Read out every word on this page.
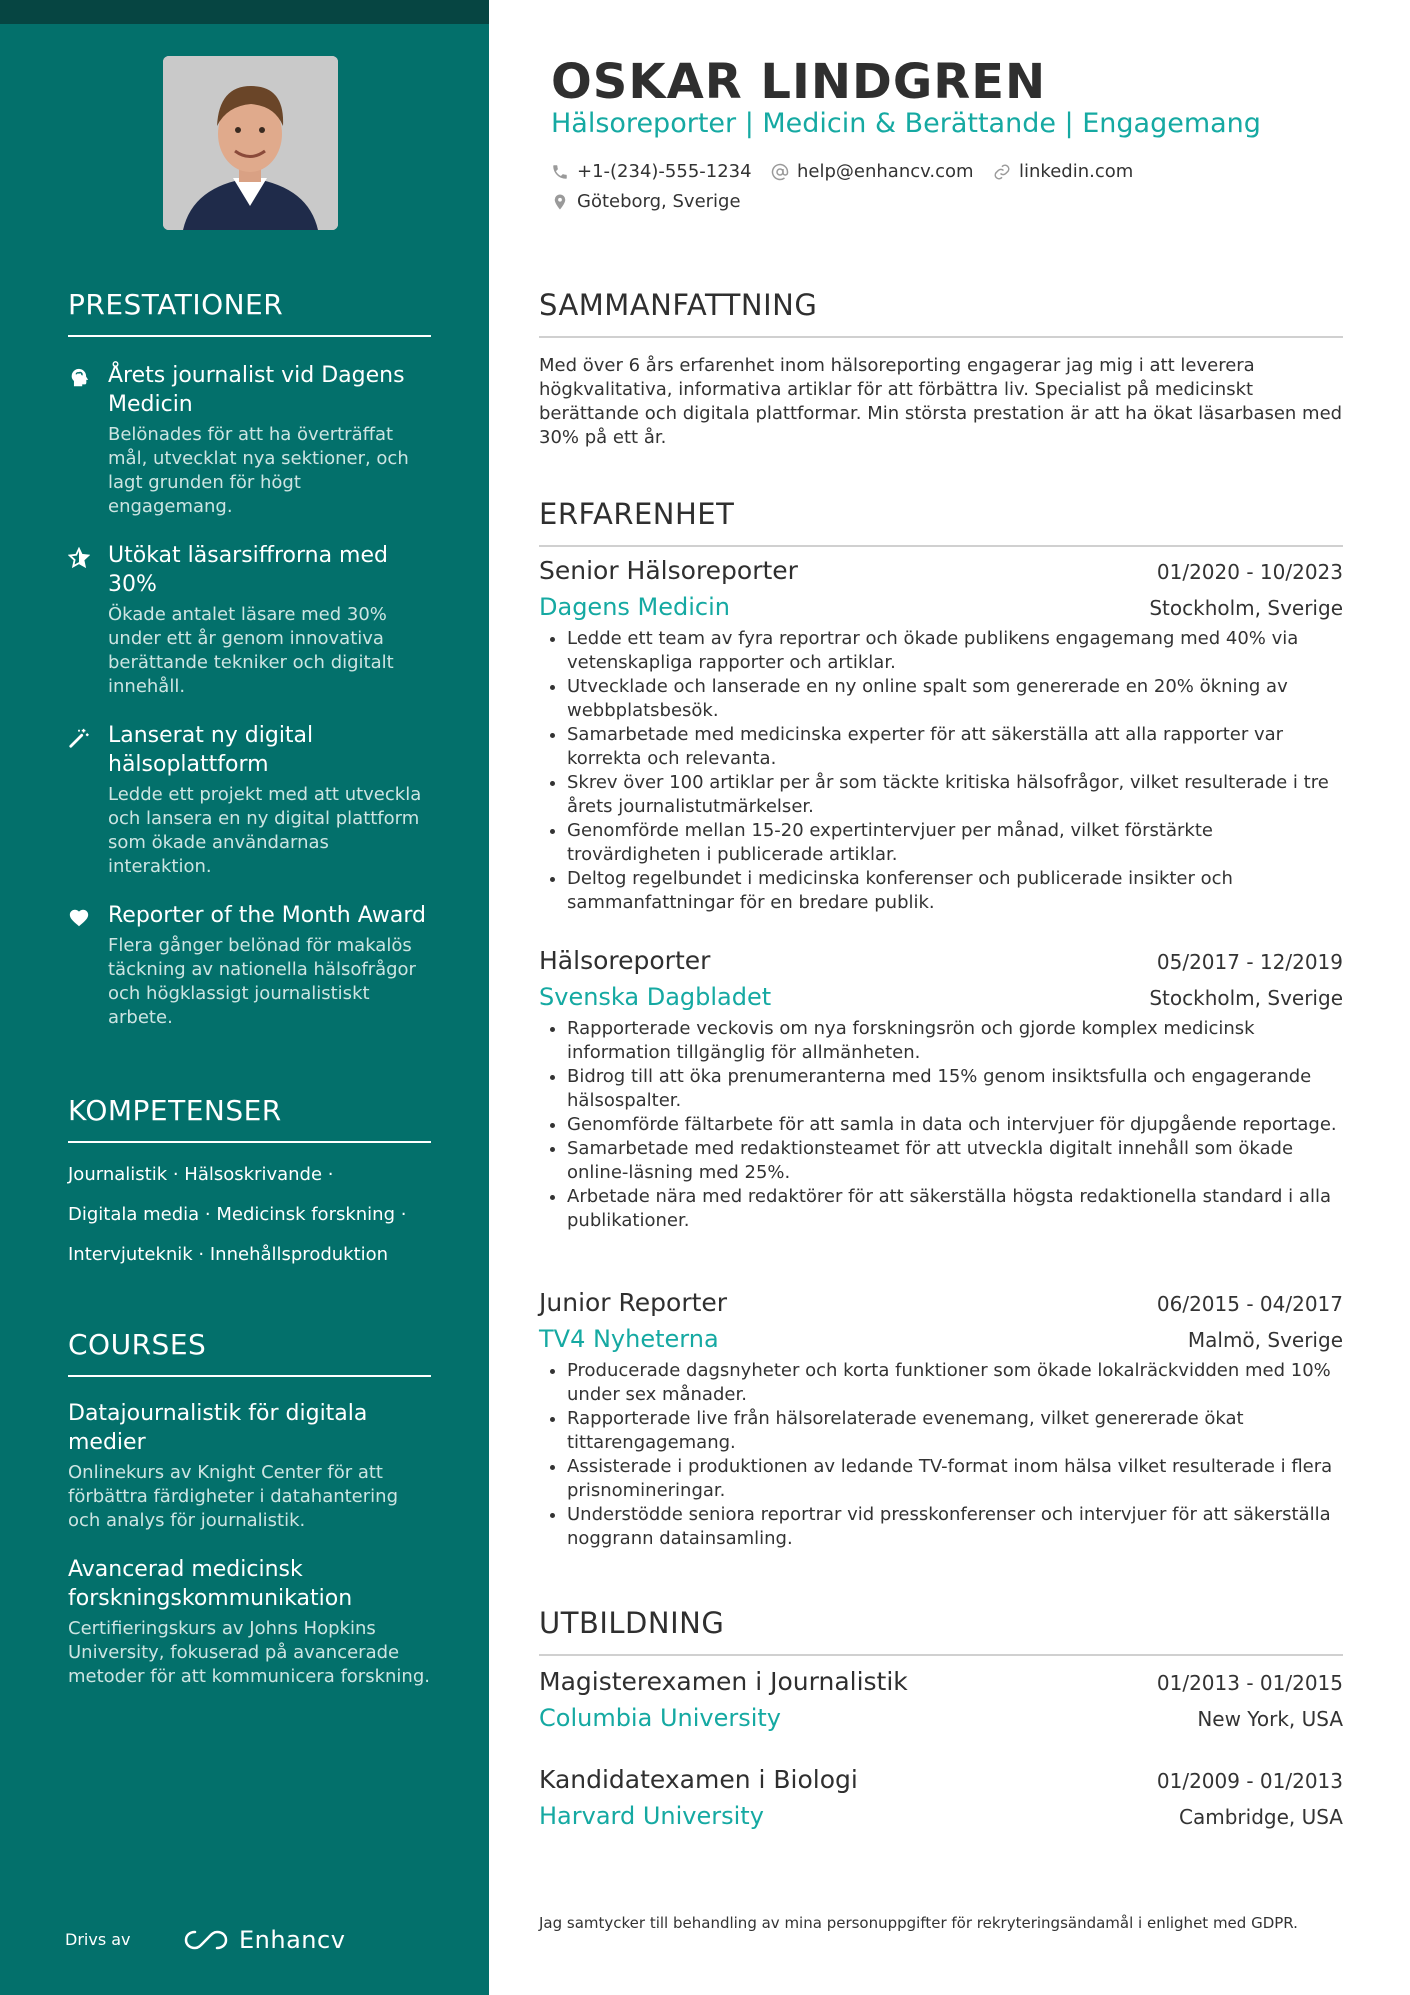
PRESTATIONER
Årets journalist vid Dagens Medicin
Belönades för att ha överträffat mål, utvecklat nya sektioner, och lagt grunden för högt engagemang.
Utökat läsarsiffrorna med 30%
Ökade antalet läsare med 30% under ett år genom innovativa berättande tekniker och digitalt innehåll.
Lanserat ny digital hälsoplattform
Ledde ett projekt med att utveckla och lansera en ny digital plattform som ökade användarnas interaktion.
Reporter of the Month Award
Flera gånger belönad för makalös täckning av nationella hälsofrågor och högklassigt journalistiskt arbete.
KOMPETENSER
Journalistik · Hälsoskrivande ·
Digitala media · Medicinsk forskning ·
Intervjuteknik · Innehållsproduktion
COURSES
Datajournalistik för digitala medier
Onlinekurs av Knight Center för att förbättra färdigheter i datahantering och analys för journalistik.
Avancerad medicinsk forskningskommunikation
Certifieringskurs av Johns Hopkins University, fokuserad på avancerade metoder för att kommunicera forskning.
Drivs av	Enhancv
OSKAR LINDGREN
Hälsoreporter | Medicin & Berättande | Engagemang
+1-(234)-555-1234	help@enhancv.com	linkedin.com
Göteborg, Sverige
SAMMANFATTNING
Med över 6 års erfarenhet inom hälsoreporting engagerar jag mig i att leverera högkvalitativa, informativa artiklar för att förbättra liv. Specialist på medicinskt berättande och digitala plattformar. Min största prestation är att ha ökat läsarbasen med 30% på ett år.
ERFARENHET
Senior Hälsoreporter	01/2020 - 10/2023
Dagens Medicin	Stockholm, Sverige
• Ledde ett team av fyra reportrar och ökade publikens engagemang med 40% via vetenskapliga rapporter och artiklar.
• Utvecklade och lanserade en ny online spalt som genererade en 20% ökning av webbplatsbesök.
• Samarbetade med medicinska experter för att säkerställa att alla rapporter var korrekta och relevanta.
• Skrev över 100 artiklar per år som täckte kritiska hälsofrågor, vilket resulterade i tre årets journalistutmärkelser.
• Genomförde mellan 15-20 expertintervjuer per månad, vilket förstärkte trovärdigheten i publicerade artiklar.
• Deltog regelbundet i medicinska konferenser och publicerade insikter och sammanfattningar för en bredare publik.
Hälsoreporter	05/2017 - 12/2019
Svenska Dagbladet	Stockholm, Sverige
• Rapporterade veckovis om nya forskningsrön och gjorde komplex medicinsk information tillgänglig för allmänheten.
• Bidrog till att öka prenumeranterna med 15% genom insiktsfulla och engagerande hälsospalter.
• Genomförde fältarbete för att samla in data och intervjuer för djupgående reportage.
• Samarbetade med redaktionsteamet för att utveckla digitalt innehåll som ökade online-läsning med 25%.
• Arbetade nära med redaktörer för att säkerställa högsta redaktionella standard i alla publikationer.
Junior Reporter	06/2015 - 04/2017
TV4 Nyheterna	Malmö, Sverige
• Producerade dagsnyheter och korta funktioner som ökade lokalräckvidden med 10% under sex månader.
• Rapporterade live från hälsorelaterade evenemang, vilket genererade ökat tittarengagemang.
• Assisterade i produktionen av ledande TV-format inom hälsa vilket resulterade i flera prisnomineringar.
• Understödde seniora reportrar vid presskonferenser och intervjuer för att säkerställa noggrann datainsamling.
UTBILDNING
Magisterexamen i Journalistik	01/2013 - 01/2015
Columbia University	New York, USA
Kandidatexamen i Biologi	01/2009 - 01/2013
Harvard University	Cambridge, USA
Jag samtycker till behandling av mina personuppgifter för rekryteringsändamål i enlighet med GDPR.
